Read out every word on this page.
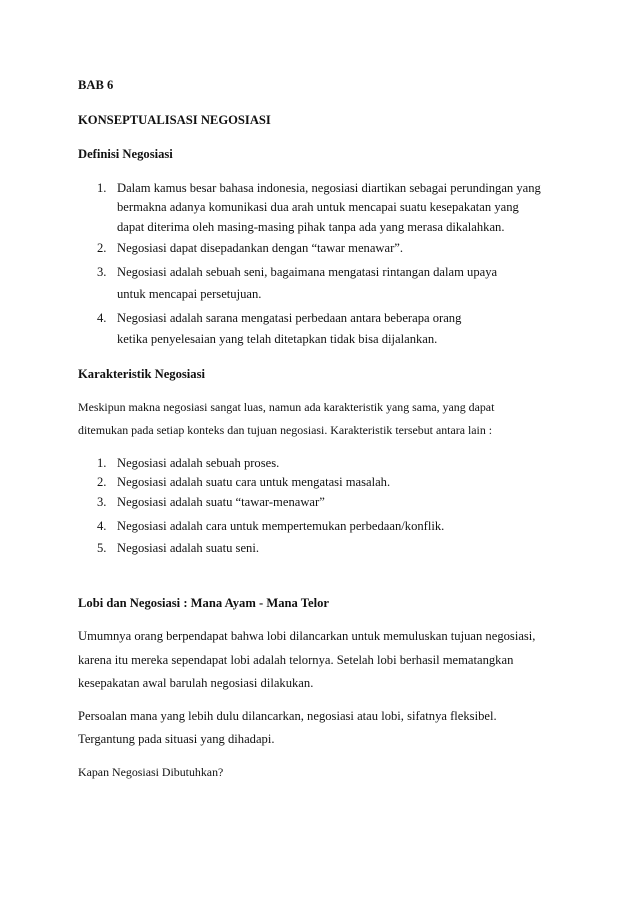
BAB 6

KONSEPTUALISASI NEGOSIASI

Definisi Negosiasi

1. Dalam kamus besar bahasa indonesia, negosiasi diartikan sebagai perundingan yang

bermakna adanya komunikasi dua arah untuk mencapai suatu kesepakatan yang

dapat diterima oleh masing-masing pihak tanpa ada yang merasa dikalahkan.

2. Negosiasi dapat disepadankan dengan “tawar menawar”.

3. Negosiasi adalah sebuah seni, bagaimana mengatasi rintangan dalam upaya

untuk mencapai persetujuan.

4. Negosiasi adalah sarana mengatasi perbedaan antara beberapa orang

ketika penyelesaian yang telah ditetapkan tidak bisa dijalankan.

Karakteristik Negosiasi

Meskipun makna negosiasi sangat luas, namun ada karakteristik yang sama, yang dapat

ditemukan pada setiap konteks dan tujuan negosiasi. Karakteristik tersebut antara lain :

1. Negosiasi adalah sebuah proses.

2. Negosiasi adalah suatu cara untuk mengatasi masalah.

3. Negosiasi adalah suatu “tawar-menawar”

4. Negosiasi adalah cara untuk mempertemukan perbedaan/konflik.

5. Negosiasi adalah suatu seni.

Lobi dan Negosiasi : Mana Ayam - Mana Telor

Umumnya orang berpendapat bahwa lobi dilancarkan untuk memuluskan tujuan negosiasi,

karena itu mereka sependapat lobi adalah telornya. Setelah lobi berhasil mematangkan

kesepakatan awal barulah negosiasi dilakukan.

Persoalan mana yang lebih dulu dilancarkan, negosiasi atau lobi, sifatnya fleksibel.

Tergantung pada situasi yang dihadapi.

Kapan Negosiasi Dibutuhkan?
